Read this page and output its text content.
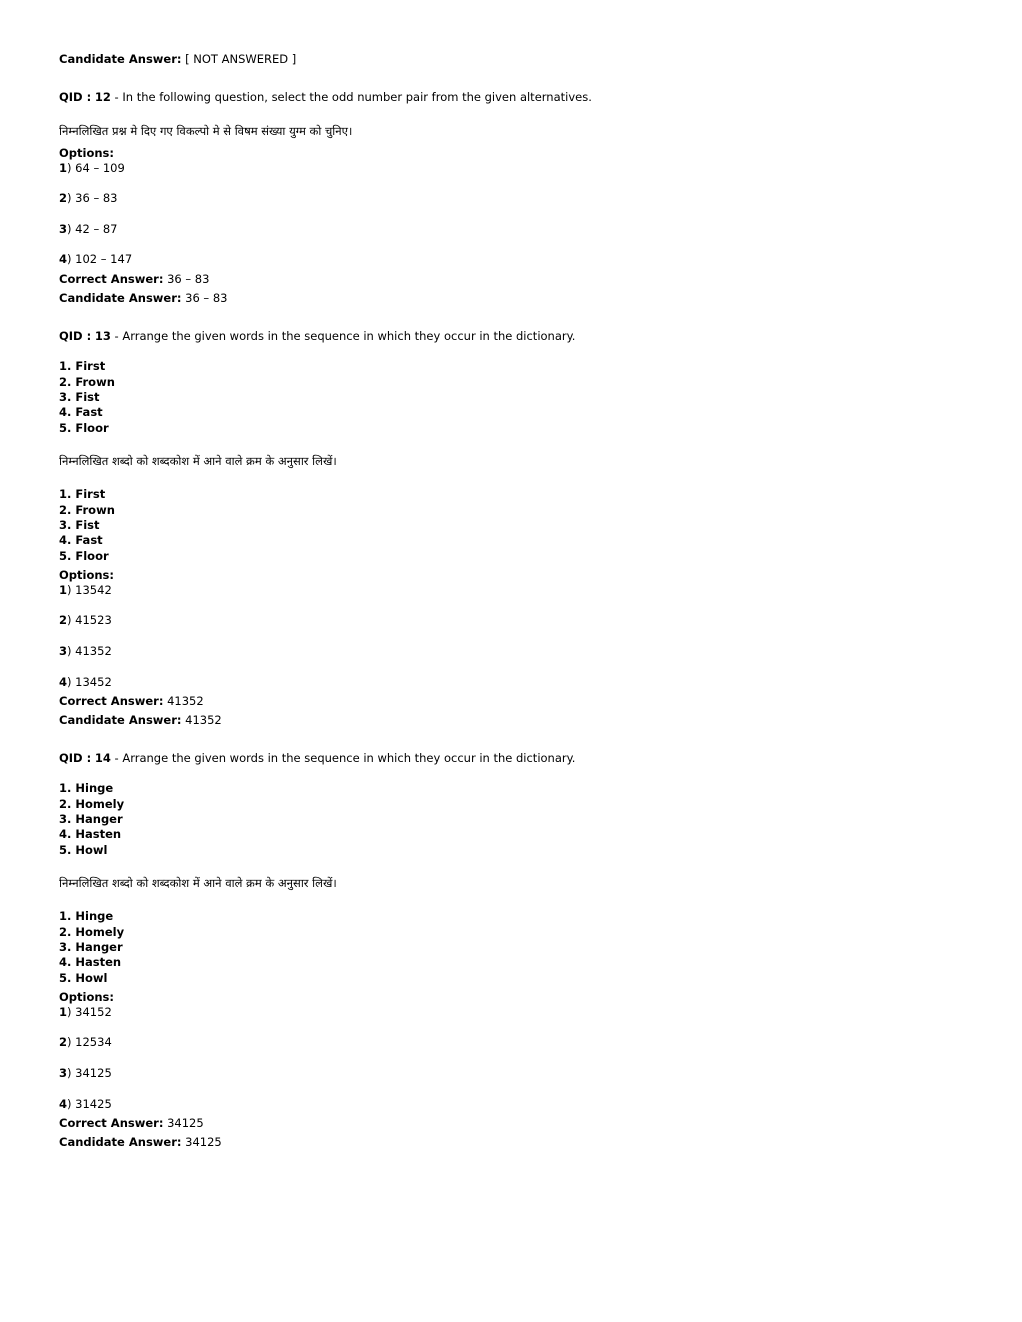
Candidate Answer: [ NOT ANSWERED ]
QID : 12 - In the following question, select the odd number pair from the given alternatives.
निम्नलिखित प्रश्न मे दिए गए विकल्पो मे से विषम संख्या युग्म को चुनिए।
Options:
1) 64 – 109
2) 36 – 83
3) 42 – 87
4) 102 – 147
Correct Answer: 36 – 83
Candidate Answer: 36 – 83
QID : 13 - Arrange the given words in the sequence in which they occur in the dictionary.
1. First
2. Frown
3. Fist
4. Fast
5. Floor
निम्नलिखित शब्दो को शब्दकोश में आने वाले क्रम के अनुसार लिखें।
1. First
2. Frown
3. Fist
4. Fast
5. Floor
Options:
1) 13542
2) 41523
3) 41352
4) 13452
Correct Answer: 41352
Candidate Answer: 41352
QID : 14 - Arrange the given words in the sequence in which they occur in the dictionary.
1. Hinge
2. Homely
3. Hanger
4. Hasten
5. Howl
निम्नलिखित शब्दो को शब्दकोश में आने वाले क्रम के अनुसार लिखें।
1. Hinge
2. Homely
3. Hanger
4. Hasten
5. Howl
Options:
1) 34152
2) 12534
3) 34125
4) 31425
Correct Answer: 34125
Candidate Answer: 34125
